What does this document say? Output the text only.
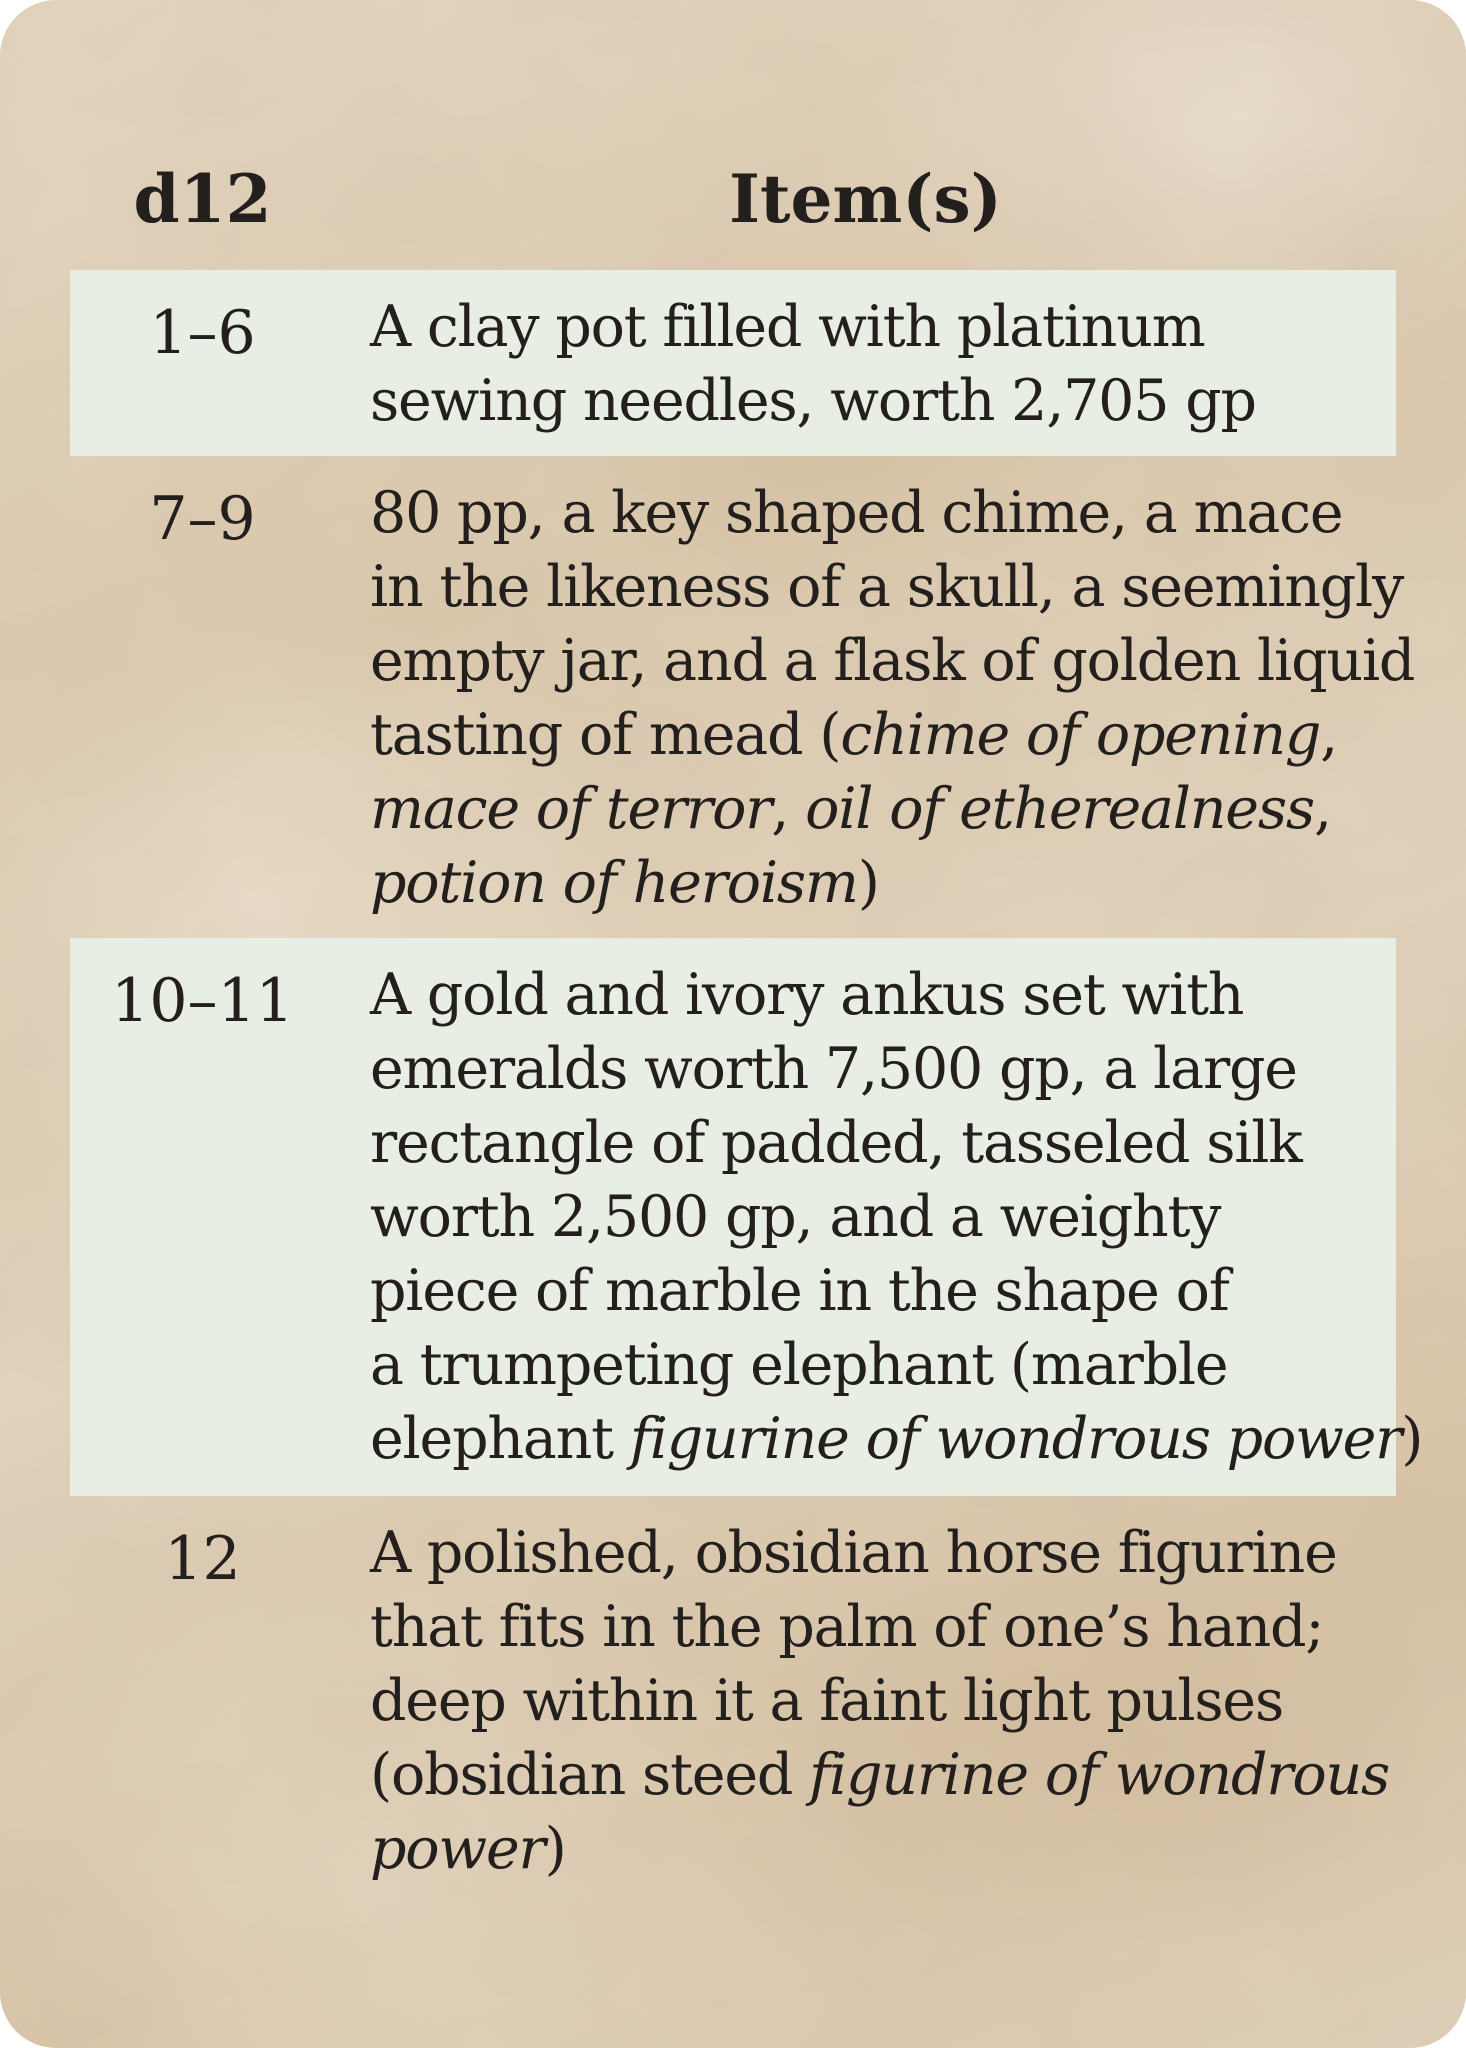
d12	Item(s)
1–6	A clay pot filled with platinum
sewing needles, worth 2,705 gp
7–9	80 pp, a key shaped chime, a mace
in the likeness of a skull, a seemingly
empty jar, and a flask of golden liquid
tasting of mead (chime of opening,
mace of terror, oil of etherealness,
potion of heroism)
10–11	A gold and ivory ankus set with
emeralds worth 7,500 gp, a large
rectangle of padded, tasseled silk
worth 2,500 gp, and a weighty
piece of marble in the shape of
a trumpeting elephant (marble
elephant figurine of wondrous power)
12	A polished, obsidian horse figurine
that fits in the palm of one’s hand;
deep within it a faint light pulses
(obsidian steed figurine of wondrous
power)
